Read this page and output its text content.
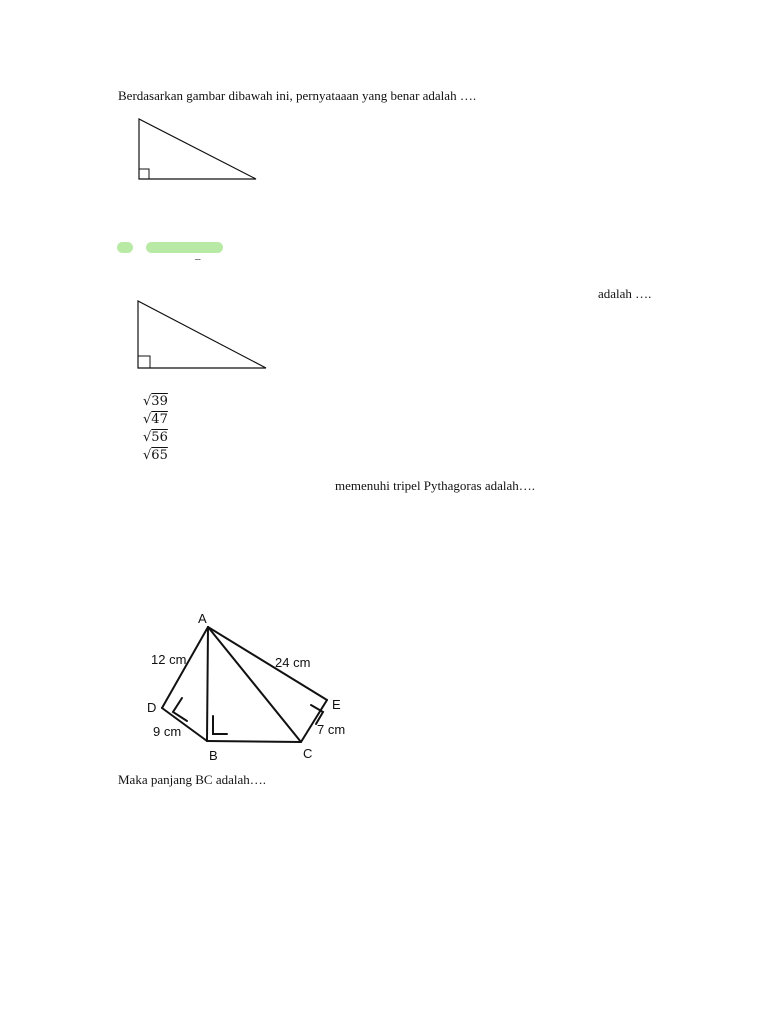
Berdasarkan gambar dibawah ini, pernyataaan yang benar adalah ….
–
adalah ….
√39
√47
√56
√65
memenuhi tripel Pythagoras adalah….
A
B	C
D	E
12 cm	24 cm
9 cm	7 cm
Maka panjang BC adalah….
